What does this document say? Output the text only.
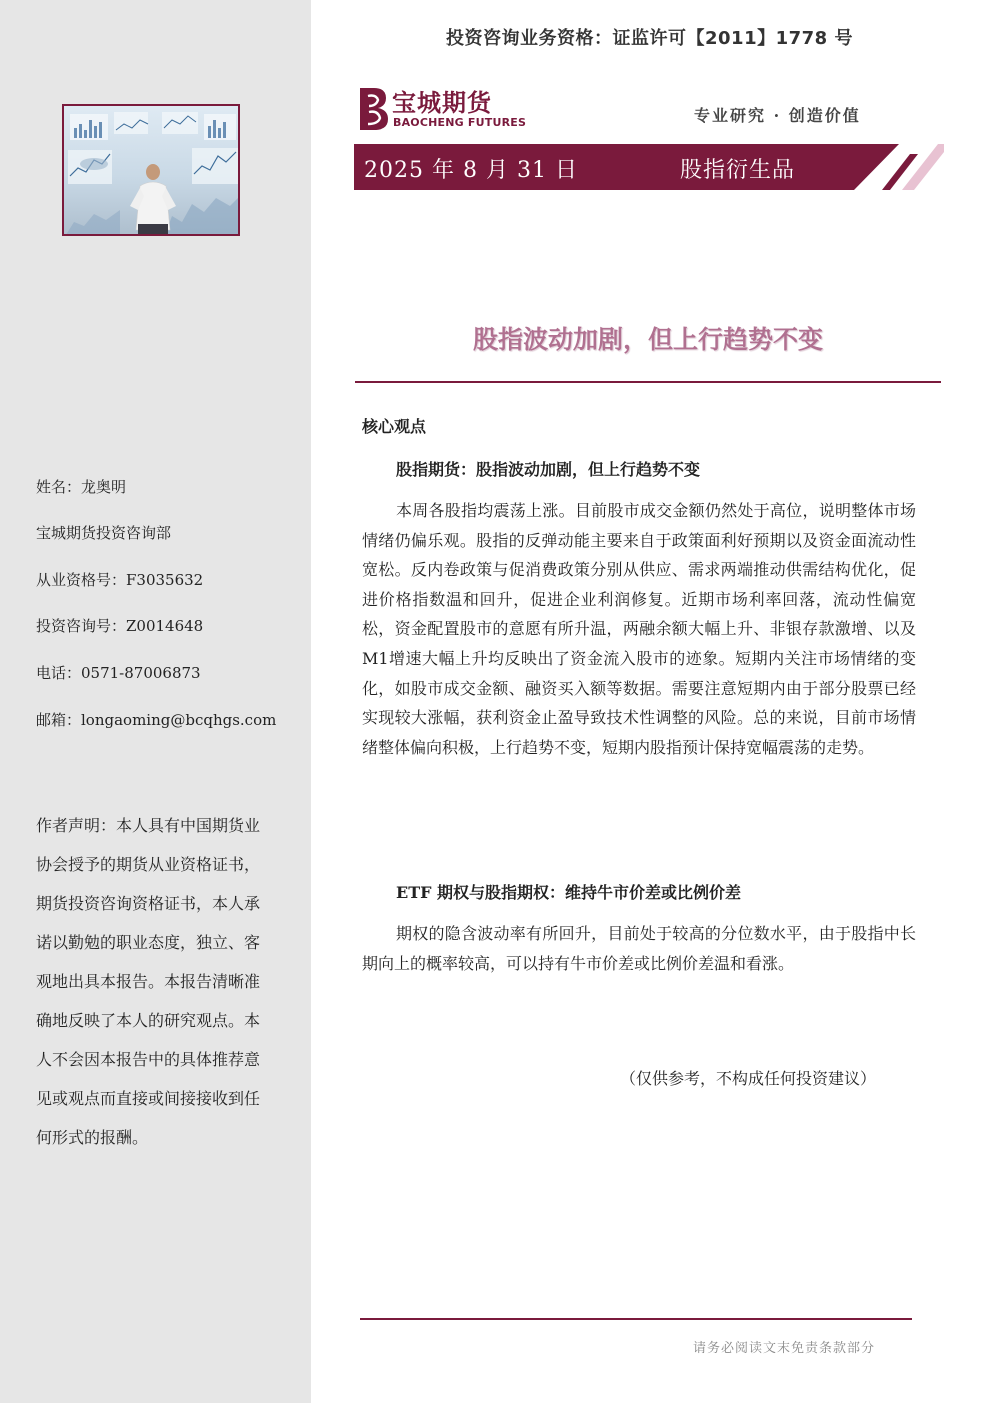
姓名：龙奥明
宝城期货投资咨询部
从业资格号：F3035632
投资咨询号：Z0014648
电话：0571-87006873
邮箱：longaoming@bcqhgs.com
作者声明：本人具有中国期货业协会授予的期货从业资格证书，期货投资咨询资格证书，本人承诺以勤勉的职业态度，独立、客观地出具本报告。本报告清晰准确地反映了本人的研究观点。本人不会因本报告中的具体推荐意见或观点而直接或间接接收到任何形式的报酬。
投资咨询业务资格：证监许可【2011】1778 号
宝城期货
BAOCHENG FUTURES	专业研究 · 创造价值
2025 年 8 月 31 日	股指衍生品
股指波动加剧，但上行趋势不变
核心观点
股指期货：股指波动加剧，但上行趋势不变

本周各股指均震荡上涨。目前股市成交金额仍然处于高位，说明整体市场情绪仍偏乐观。股指的反弹动能主要来自于政策面利好预期以及资金面流动性宽松。反内卷政策与促消费政策分别从供应、需求两端推动供需结构优化，促进价格指数温和回升，促进企业利润修复。近期市场利率回落，流动性偏宽松，资金配置股市的意愿有所升温，两融余额大幅上升、非银存款激增、以及M1增速大幅上升均反映出了资金流入股市的迹象。短期内关注市场情绪的变化，如股市成交金额、融资买入额等数据。需要注意短期内由于部分股票已经实现较大涨幅，获利资金止盈导致技术性调整的风险。总的来说，目前市场情绪整体偏向积极，上行趋势不变，短期内股指预计保持宽幅震荡的走势。

ETF 期权与股指期权：维持牛市价差或比例价差

期权的隐含波动率有所回升，目前处于较高的分位数水平，由于股指中长期向上的概率较高，可以持有牛市价差或比例价差温和看涨。

（仅供参考，不构成任何投资建议）
请务必阅读文末免责条款部分
